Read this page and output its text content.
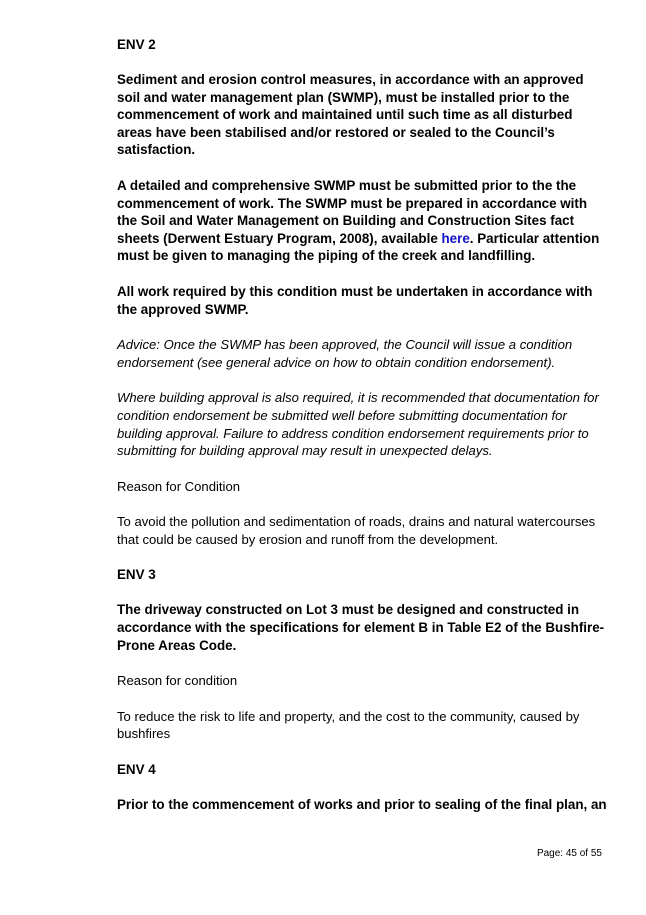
ENV 2

Sediment and erosion control measures, in accordance with an approved soil and water management plan (SWMP), must be installed prior to the commencement of work and maintained until such time as all disturbed areas have been stabilised and/or restored or sealed to the Council’s satisfaction.

A detailed and comprehensive SWMP must be submitted prior to the the commencement of work. The SWMP must be prepared in accordance with the Soil and Water Management on Building and Construction Sites fact sheets (Derwent Estuary Program, 2008), available here. Particular attention must be given to managing the piping of the creek and landfilling.

All work required by this condition must be undertaken in accordance with the approved SWMP.

Advice: Once the SWMP has been approved, the Council will issue a condition endorsement (see general advice on how to obtain condition endorsement).

Where building approval is also required, it is recommended that documentation for condition endorsement be submitted well before submitting documentation for building approval. Failure to address condition endorsement requirements prior to submitting for building approval may result in unexpected delays.

Reason for Condition

To avoid the pollution and sedimentation of roads, drains and natural watercourses that could be caused by erosion and runoff from the development.

ENV 3

The driveway constructed on Lot 3 must be designed and constructed in accordance with the specifications for element B in Table E2 of the Bushfire-Prone Areas Code.

Reason for condition

To reduce the risk to life and property, and the cost to the community, caused by bushfires

ENV 4

Prior to the commencement of works and prior to sealing of the final plan, an

Page: 45 of 55
